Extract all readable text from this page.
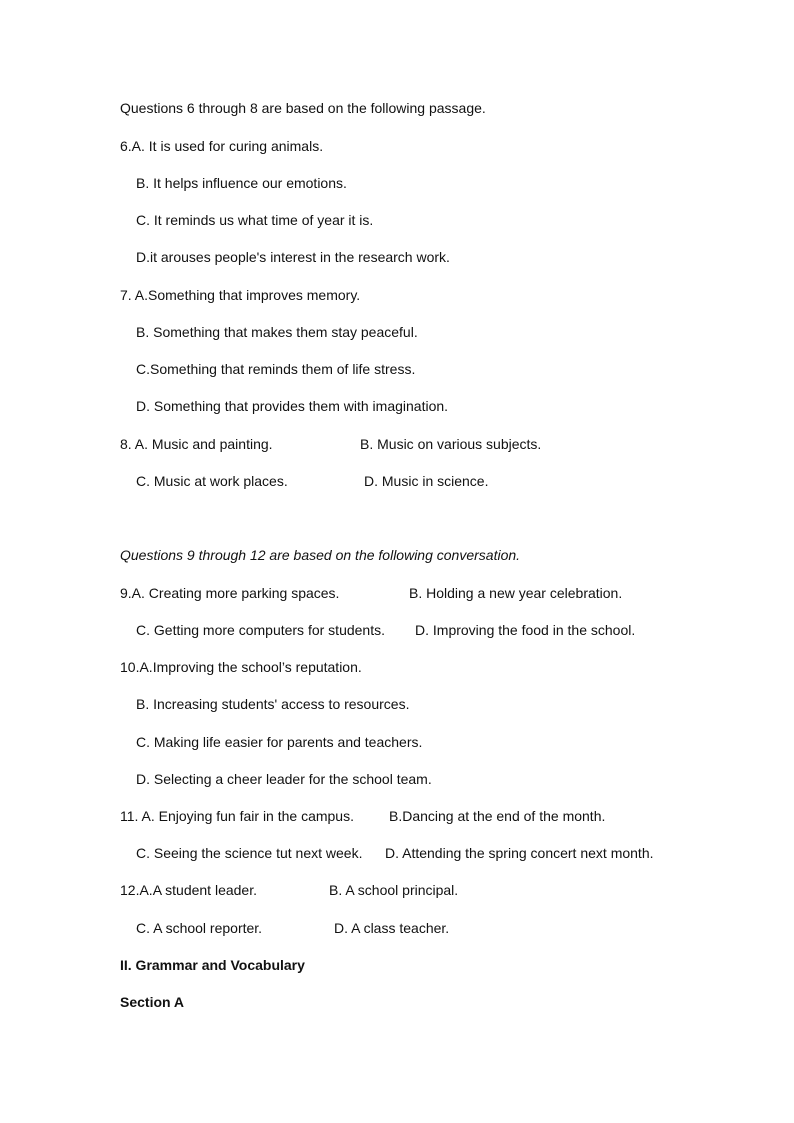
Questions 6 through 8 are based on the following passage.
6.A. It is used for curing animals.
B. It helps influence our emotions.
C. It reminds us what time of year it is.
D.it arouses people's interest in the research work.
7. A.Something that improves memory.
B. Something that makes them stay peaceful.
C.Something that reminds them of life stress.
D. Something that provides them with imagination.
8. A. Music and painting.	B. Music on various subjects.
C. Music at work places.	D. Music in science.
Questions 9 through 12 are based on the following conversation.
9.A. Creating more parking spaces.	B. Holding a new year celebration.
C. Getting more computers for students. D. Improving the food in the school.
10.A.Improving the school’s reputation.
B. Increasing students' access to resources.
C. Making life easier for parents and teachers.
D. Selecting a cheer leader for the school team.
11. A. Enjoying fun fair in the campus.	B.Dancing at the end of the month.
C. Seeing the science tut next week. D. Attending the spring concert next month.
12.A.A student leader.	B. A school principal.
C. A school reporter.	D. A class teacher.
II. Grammar and Vocabulary
Section A
